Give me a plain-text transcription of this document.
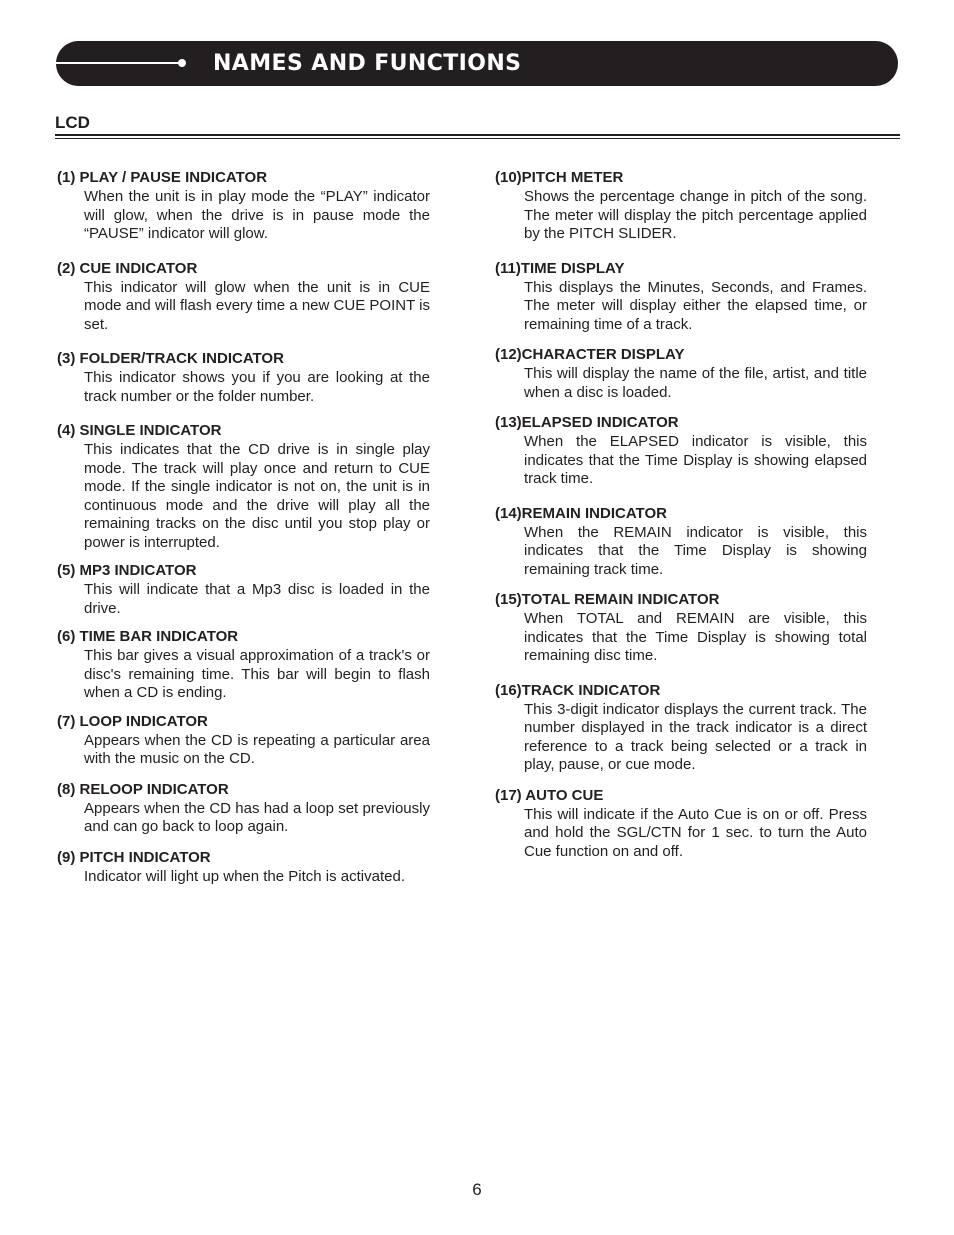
NAMES AND FUNCTIONS
LCD

(1) PLAY / PAUSE INDICATOR

When the unit is in play mode the “PLAY” indicator will glow, when the drive is in pause mode the “PAUSE” indicator will glow.

(2) CUE INDICATOR

This indicator will glow when the unit is in CUE mode and will flash every time a new CUE POINT is set.

(3) FOLDER/TRACK INDICATOR

This indicator shows you if you are looking at the track number or the folder number.

(4) SINGLE INDICATOR

This indicates that the CD drive is in single play mode. The track will play once and return to CUE mode. If the single indicator is not on, the unit is in continuous mode and the drive will play all the remaining tracks on the disc until you stop play or power is interrupted.

(5) MP3 INDICATOR

This will indicate that a Mp3 disc is loaded in the drive.

(6) TIME BAR INDICATOR

This bar gives a visual approximation of a track's or disc's remaining time. This bar will begin to flash when a CD is ending.

(7) LOOP INDICATOR

Appears when the CD is repeating a particular area with the music on the CD.

(8) RELOOP INDICATOR

Appears when the CD has had a loop set previously and can go back to loop again.

(9) PITCH INDICATOR

Indicator will light up when the Pitch is activated.

(10)PITCH METER

Shows the percentage change in pitch of the song. The meter will display the pitch percentage applied by the PITCH SLIDER.

(11)TIME DISPLAY

This displays the Minutes, Seconds, and Frames. The meter will display either the elapsed time, or remaining time of a track.

(12)CHARACTER DISPLAY

This will display the name of the file, artist, and title when a disc is loaded.

(13)ELAPSED INDICATOR

When the ELAPSED indicator is visible, this indicates that the Time Display is showing elapsed track time.

(14)REMAIN INDICATOR

When the REMAIN indicator is visible, this indicates that the Time Display is showing remaining track time.

(15)TOTAL REMAIN INDICATOR

When TOTAL and REMAIN are visible, this indicates that the Time Display is showing total remaining disc time.

(16)TRACK INDICATOR

This 3-digit indicator displays the current track. The number displayed in the track indicator is a direct reference to a track being selected or a track in play, pause, or cue mode.

(17) AUTO CUE

This will indicate if the Auto Cue is on or off. Press and hold the SGL/CTN for 1 sec. to turn the Auto Cue function on and off.

6
